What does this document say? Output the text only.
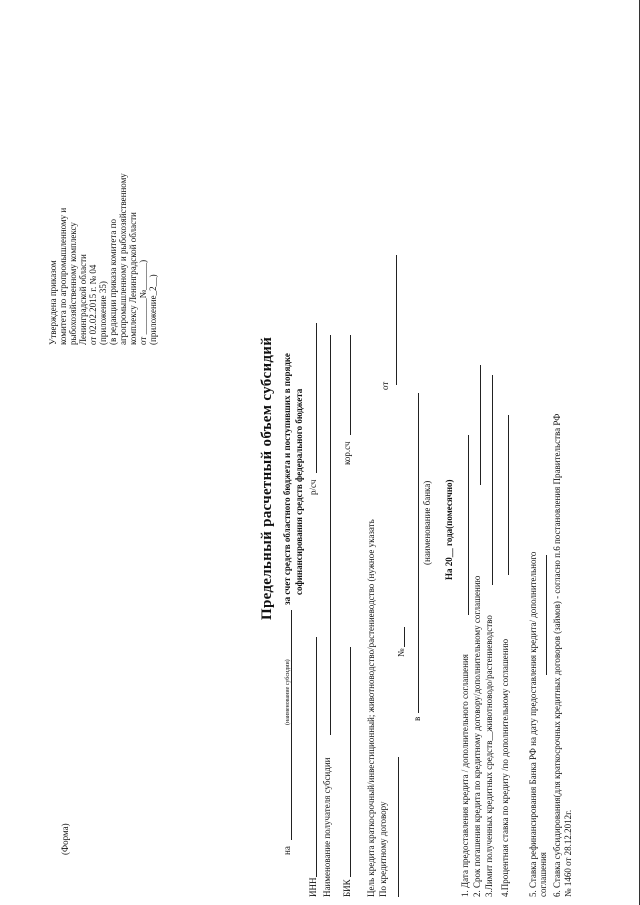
(Форма)
Утверждена приказом комитета по агропромышленному и рыбохозяйственному комплексу Ленинградской области от 02.02.2015 г. № 04 (приложение 35) (в редакции приказа комитета по агропромышленному и рыбохозяйственному комплексу Ленинградской области от ________№______) (приложение_2__)
Предельный расчетный объем субсидий
на
(наименование субсидии)
за счет средств областного бюджета и поступивших в порядке софинансирования средств федерального бюджета
ИНН
р/сч
Наименование получателя субсидии БИК
кор.сч
Цель кредита краткосрочный/инвестиционный; животноводство/растениеводство (нужное указать По кредитному договору
от
№
в
(наименование банка) На 20__ года(помесячно)
1. Дата предоставления кредита / дополнительного соглашения 2. Срок погашения кредита по кредитному договору/дополнительному соглашению 3.Лимит полученных кредитных средств__животноводо/растениеводство 4.Процентная ставка по кредиту /по дополнительному соглашению 5. Ставка рефинансирования Банка РФ на дату предоставления кредита/ дополнительного соглашения 6. Ставка субсидирования(для краткосрочных кредитных договоров (займов) - согласно п.6 постановления Правительства РФ № 1460 от 28.12.2012г.
